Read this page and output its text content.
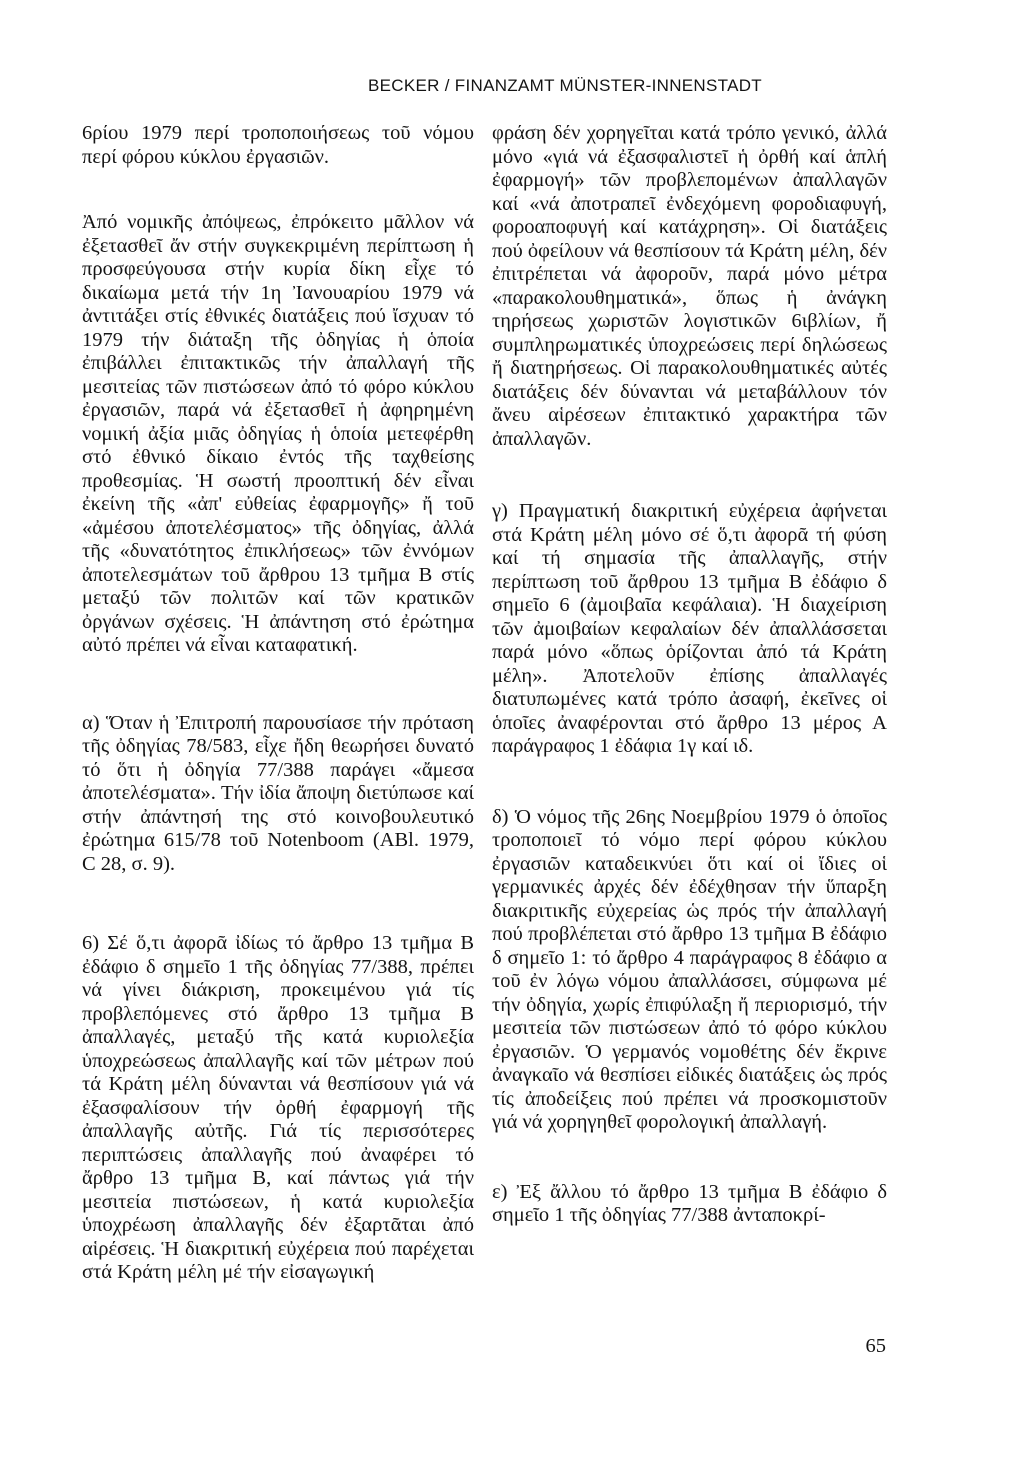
BECKER / FINANZAMT MÜNSTER-INNENSTADT

6ρίου 1979 περί τροποποιήσεως τοῦ νόμου περί φόρου κύκλου ἐργασιῶν.

Ἀπό νομικῆς ἀπόψεως, ἐπρόκειτο μᾶλλον νά ἐξετασθεῖ ἄν στήν συγκεκριμένη περίπτωση ἡ προσφεύγουσα στήν κυρία δίκη εἶχε τό δικαίωμα μετά τήν 1η Ἰανουαρίου 1979 νά ἀντιτάξει στίς ἐθνικές διατάξεις πού ἴσχυαν τό 1979 τήν διάταξη τῆς ὀδηγίας ἡ ὁποία ἐπιβάλλει ἐπιτακτικῶς τήν ἀπαλλαγή τῆς μεσιτείας τῶν πιστώσεων ἀπό τό φόρο κύκλου ἐργασιῶν, παρά νά ἐξετασθεῖ ἡ ἀφηρημένη νομική ἀξία μιᾶς ὀδηγίας ἡ ὁποία μετεφέρθη στό ἐθνικό δίκαιο ἐντός τῆς ταχθείσης προθεσμίας. Ἡ σωστή προοπτική δέν εἶναι ἐκείνη τῆς «ἀπ' εὐθείας ἐφαρμογῆς» ἤ τοῦ «ἀμέσου ἀποτελέσματος» τῆς ὀδηγίας, ἀλλά τῆς «δυνατότητος ἐπικλήσεως» τῶν ἐννόμων ἀποτελεσμάτων τοῦ ἄρθρου 13 τμῆμα Β στίς μεταξύ τῶν πολιτῶν καί τῶν κρατικῶν ὀργάνων σχέσεις. Ἡ ἀπάντηση στό ἐρώτημα αὐτό πρέπει νά εἶναι καταφατική.

α) Ὅταν ἡ Ἐπιτροπή παρουσίασε τήν πρόταση τῆς ὀδηγίας 78/583, εἶχε ἤδη θεωρήσει δυνατό τό ὅτι ἡ ὀδηγία 77/388 παράγει «ἄμεσα ἀποτελέσματα». Τήν ἰδία ἄποψη διετύπωσε καί στήν ἀπάντησή της στό κοινοβουλευτικό ἐρώτημα 615/78 τοῦ Notenboom (ABl. 1979, C 28, σ. 9).

6) Σέ ὅ,τι ἀφορᾶ ἰδίως τό ἄρθρο 13 τμῆμα Β ἐδάφιο δ σημεῖο 1 τῆς ὀδηγίας 77/388, πρέπει νά γίνει διάκριση, προκειμένου γιά τίς προβλεπόμενες στό ἄρθρο 13 τμῆμα Β ἀπαλλαγές, μεταξύ τῆς κατά κυριολεξία ὑποχρεώσεως ἀπαλλαγῆς καί τῶν μέτρων πού τά Κράτη μέλη δύνανται νά θεσπίσουν γιά νά ἐξασφαλίσουν τήν ὀρθή ἐφαρμογή τῆς ἀπαλλαγῆς αὐτῆς. Γιά τίς περισσότερες περιπτώσεις ἀπαλλαγῆς πού ἀναφέρει τό ἄρθρο 13 τμῆμα Β, καί πάντως γιά τήν μεσιτεία πιστώσεων, ἡ κατά κυριολεξία ὑποχρέωση ἀπαλλαγῆς δέν ἐξαρτᾶται ἀπό αἱρέσεις. Ἡ διακριτική εὐχέρεια πού παρέχεται στά Κράτη μέλη μέ τήν εἰσαγωγική

φράση δέν χορηγεῖται κατά τρόπο γενικό, ἀλλά μόνο «γιά νά ἐξασφαλιστεῖ ἡ ὀρθή καί ἁπλή ἐφαρμογή» τῶν προβλεπομένων ἀπαλλαγῶν καί «νά ἀποτραπεῖ ἐνδεχόμενη φοροδιαφυγή, φοροαποφυγή καί κατάχρηση». Οἱ διατάξεις πού ὀφείλουν νά θεσπίσουν τά Κράτη μέλη, δέν ἐπιτρέπεται νά ἀφοροῦν, παρά μόνο μέτρα «παρακολουθηματικά», ὅπως ἡ ἀνάγκη τηρήσεως χωριστῶν λογιστικῶν 6ιβλίων, ἤ συμπληρωματικές ὑποχρεώσεις περί δηλώσεως ἤ διατηρήσεως. Οἱ παρακολουθηματικές αὐτές διατάξεις δέν δύνανται νά μεταβάλλουν τόν ἄνευ αἱρέσεων ἐπιτακτικό χαρακτήρα τῶν ἀπαλλαγῶν.

γ) Πραγματική διακριτική εὐχέρεια ἀφήνεται στά Κράτη μέλη μόνο σέ ὅ,τι ἀφορᾶ τή φύση καί τή σημασία τῆς ἀπαλλαγῆς, στήν περίπτωση τοῦ ἄρθρου 13 τμῆμα Β ἐδάφιο δ σημεῖο 6 (ἀμοιβαῖα κεφάλαια). Ἡ διαχείριση τῶν ἀμοιβαίων κεφαλαίων δέν ἀπαλλάσσεται παρά μόνο «ὅπως ὁρίζονται ἀπό τά Κράτη μέλη». Ἀποτελοῦν ἐπίσης ἀπαλλαγές διατυπωμένες κατά τρόπο ἀσαφή, ἐκεῖνες οἱ ὁποῖες ἀναφέρονται στό ἄρθρο 13 μέρος Α παράγραφος 1 ἐδάφια 1γ καί ιδ.

δ) Ὁ νόμος τῆς 26ης Νοεμβρίου 1979 ὁ ὁποῖος τροποποιεῖ τό νόμο περί φόρου κύκλου ἐργασιῶν καταδεικνύει ὅτι καί οἱ ἴδιες οἱ γερμανικές ἀρχές δέν ἐδέχθησαν τήν ὕπαρξη διακριτικῆς εὐχερείας ὡς πρός τήν ἀπαλλαγή πού προβλέπεται στό ἄρθρο 13 τμῆμα Β ἐδάφιο δ σημεῖο 1: τό ἄρθρο 4 παράγραφος 8 ἐδάφιο α τοῦ ἐν λόγω νόμου ἀπαλλάσσει, σύμφωνα μέ τήν ὀδηγία, χωρίς ἐπιφύλαξη ἤ περιορισμό, τήν μεσιτεία τῶν πιστώσεων ἀπό τό φόρο κύκλου ἐργασιῶν. Ὁ γερμανός νομοθέτης δέν ἔκρινε ἀναγκαῖο νά θεσπίσει εἰδικές διατάξεις ὡς πρός τίς ἀποδείξεις πού πρέπει νά προσκομιστοῦν γιά νά χορηγηθεῖ φορολογική ἀπαλλαγή.

ε) Ἐξ ἄλλου τό ἄρθρο 13 τμῆμα Β ἐδάφιο δ σημεῖο 1 τῆς ὀδηγίας 77/388 ἀνταποκρί-

65
